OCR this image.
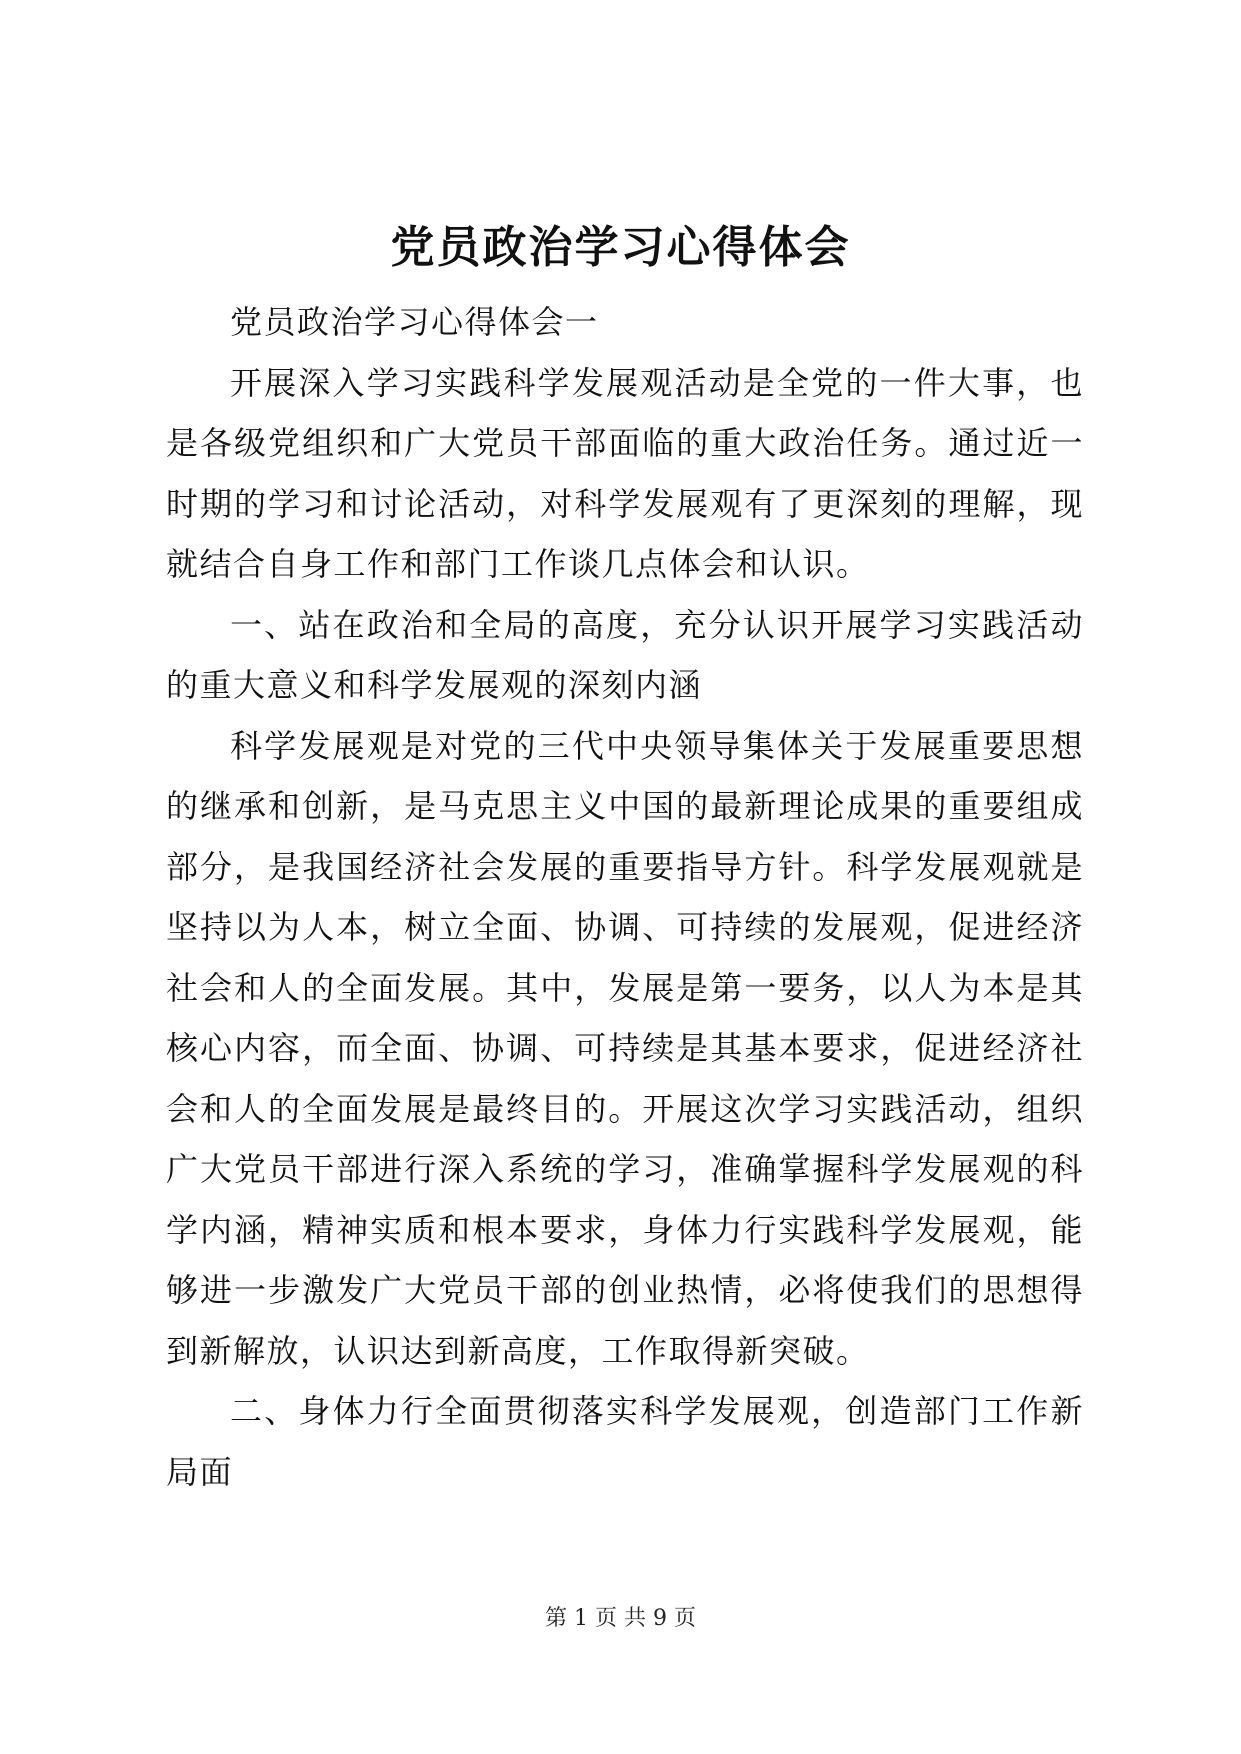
党员政治学习心得体会

党员政治学习心得体会一

开展深入学习实践科学发展观活动是全党的一件大事，也是各级党组织和广大党员干部面临的重大政治任务。通过近一时期的学习和讨论活动，对科学发展观有了更深刻的理解，现就结合自身工作和部门工作谈几点体会和认识。

一、站在政治和全局的高度，充分认识开展学习实践活动的重大意义和科学发展观的深刻内涵

科学发展观是对党的三代中央领导集体关于发展重要思想的继承和创新，是马克思主义中国的最新理论成果的重要组成部分，是我国经济社会发展的重要指导方针。科学发展观就是坚持以为人本，树立全面、协调、可持续的发展观，促进经济社会和人的全面发展。其中，发展是第一要务，以人为本是其核心内容，而全面、协调、可持续是其基本要求，促进经济社会和人的全面发展是最终目的。开展这次学习实践活动，组织广大党员干部进行深入系统的学习，准确掌握科学发展观的科学内涵，精神实质和根本要求，身体力行实践科学发展观，能够进一步激发广大党员干部的创业热情，必将使我们的思想得到新解放，认识达到新高度，工作取得新突破。

二、身体力行全面贯彻落实科学发展观，创造部门工作新局面

第 1 页 共 9 页
